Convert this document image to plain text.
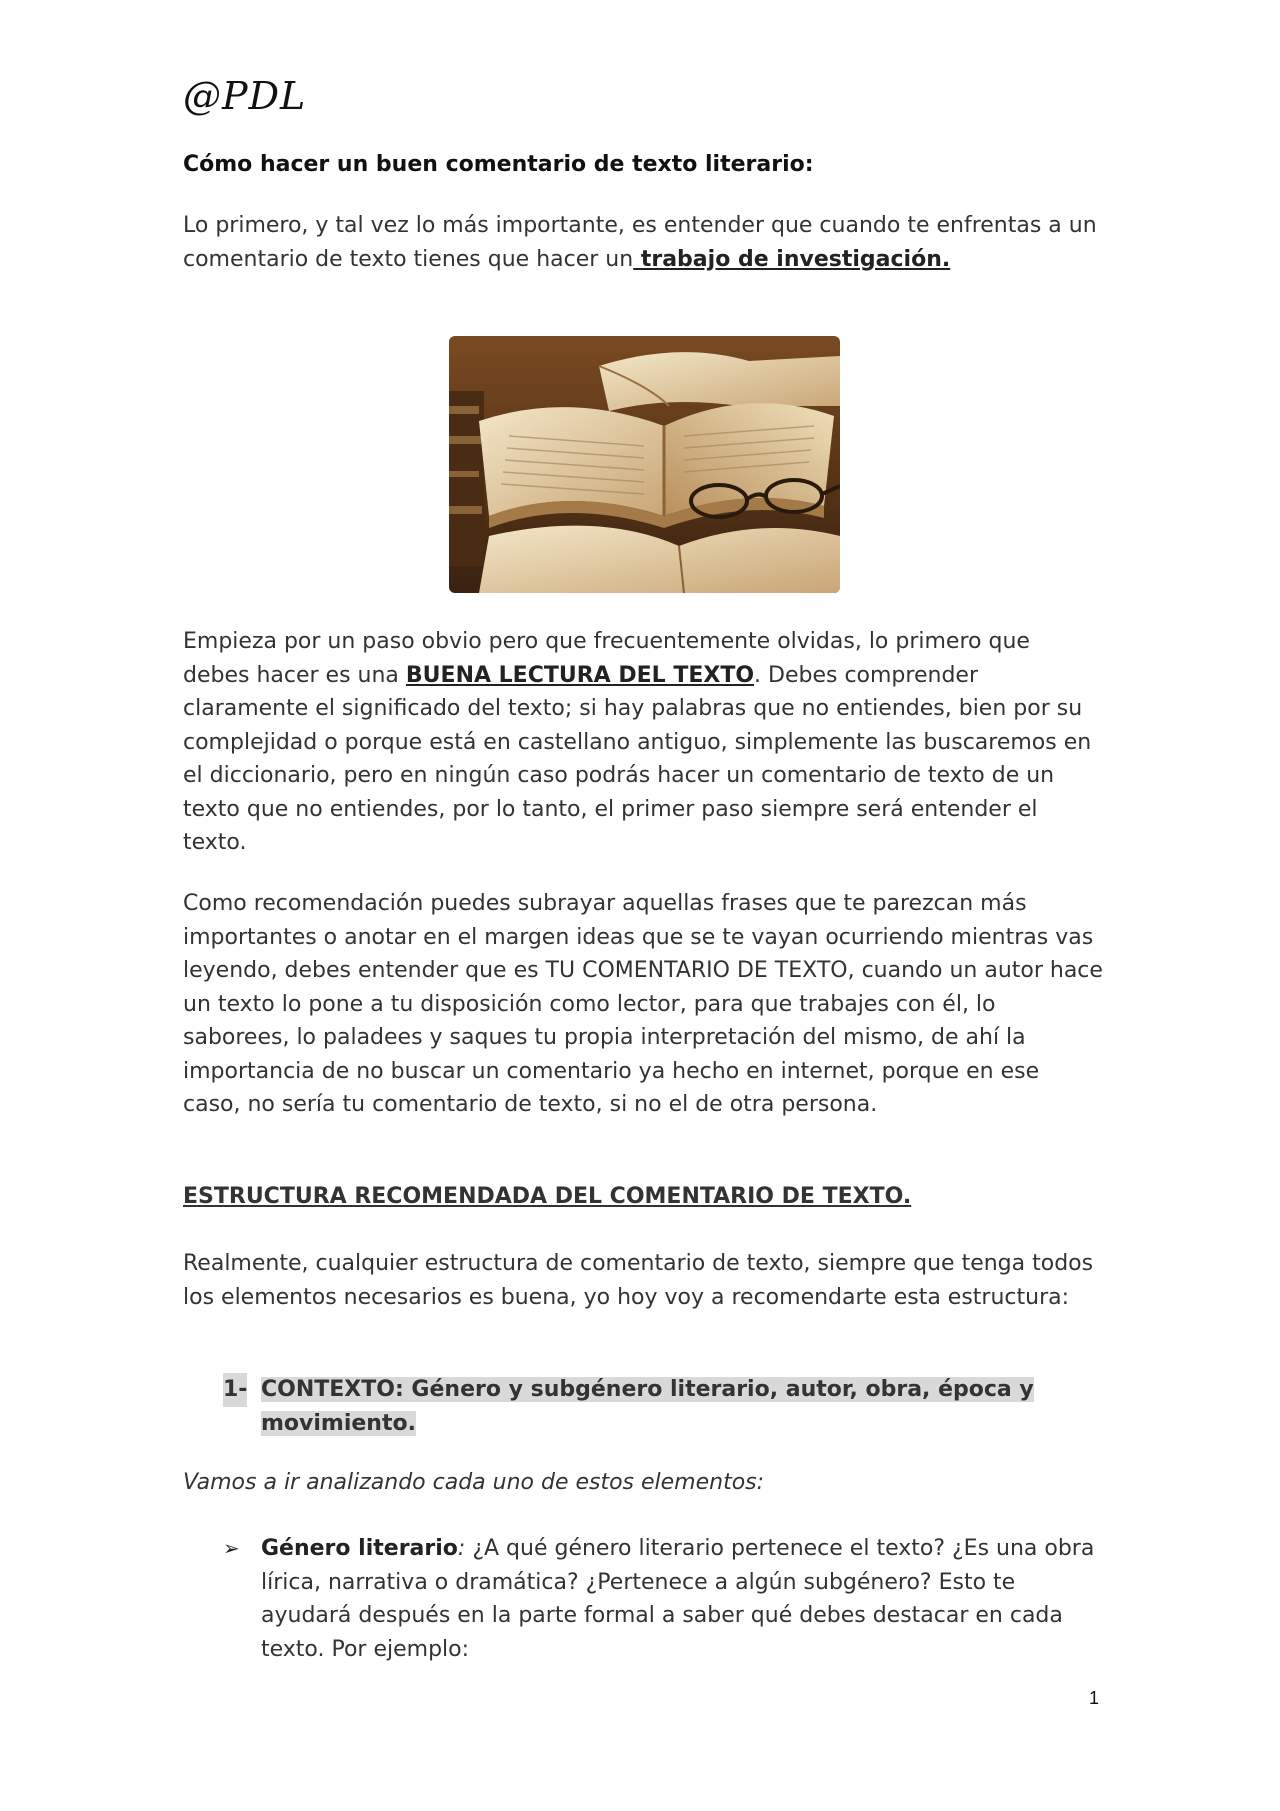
@PDL
Cómo hacer un buen comentario de texto literario:

Lo primero, y tal vez lo más importante, es entender que cuando te enfrentas a un comentario de texto tienes que hacer un trabajo de investigación.

Empieza por un paso obvio pero que frecuentemente olvidas, lo primero que debes hacer es una BUENA LECTURA DEL TEXTO. Debes comprender claramente el significado del texto; si hay palabras que no entiendes, bien por su complejidad o porque está en castellano antiguo, simplemente las buscaremos en el diccionario, pero en ningún caso podrás hacer un comentario de texto de un texto que no entiendes, por lo tanto, el primer paso siempre será entender el texto.

Como recomendación puedes subrayar aquellas frases que te parezcan más importantes o anotar en el margen ideas que se te vayan ocurriendo mientras vas leyendo, debes entender que es TU COMENTARIO DE TEXTO, cuando un autor hace un texto lo pone a tu disposición como lector, para que trabajes con él, lo saborees, lo paladees y saques tu propia interpretación del mismo, de ahí la importancia de no buscar un comentario ya hecho en internet, porque en ese caso, no sería tu comentario de texto, si no el de otra persona.

ESTRUCTURA RECOMENDADA DEL COMENTARIO DE TEXTO.

Realmente, cualquier estructura de comentario de texto, siempre que tenga todos los elementos necesarios es buena, yo hoy voy a recomendarte esta estructura:

1- CONTEXTO: Género y subgénero literario, autor, obra, época y movimiento.

Vamos a ir analizando cada uno de estos elementos:

➢ Género literario: ¿A qué género literario pertenece el texto? ¿Es una obra lírica, narrativa o dramática? ¿Pertenece a algún subgénero? Esto te ayudará después en la parte formal a saber qué debes destacar en cada texto. Por ejemplo:
1
